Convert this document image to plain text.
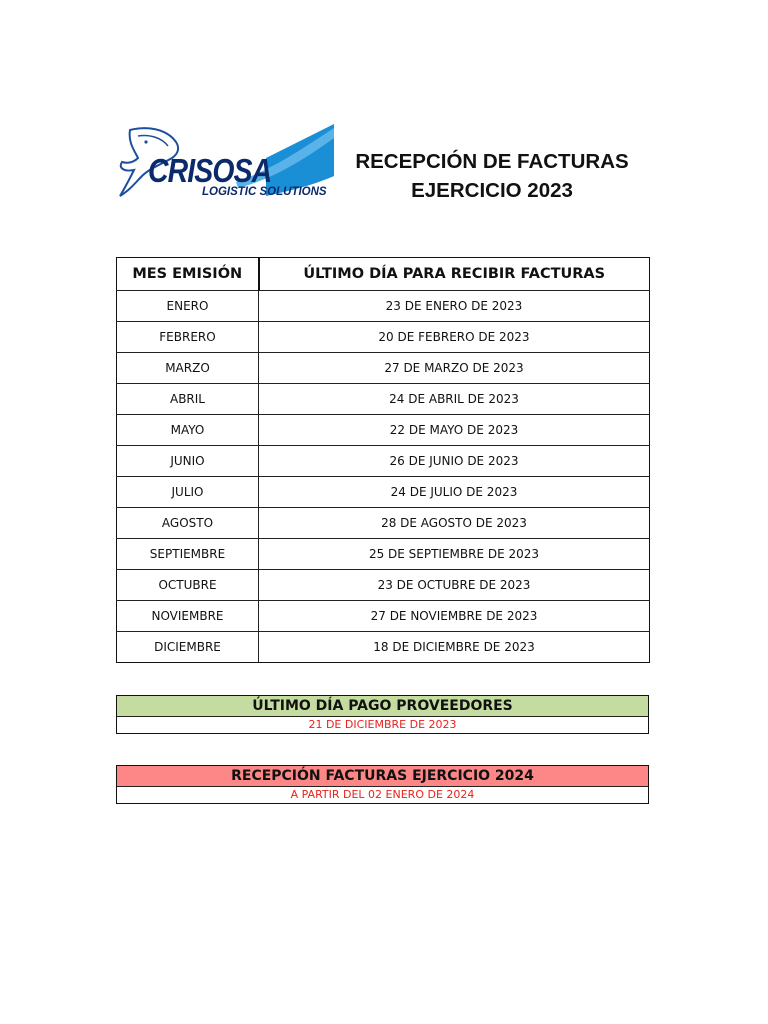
CRISOSA
LOGISTIC SOLUTIONS
RECEPCIÓN DE FACTURAS
EJERCICIO 2023
MES EMISIÓN	ÚLTIMO DÍA PARA RECIBIR FACTURAS
ENERO	23 DE ENERO DE 2023
FEBRERO	20 DE FEBRERO DE 2023
MARZO	27 DE MARZO DE 2023
ABRIL	24 DE ABRIL DE 2023
MAYO	22 DE MAYO DE 2023
JUNIO	26 DE JUNIO DE 2023
JULIO	24 DE JULIO DE 2023
AGOSTO	28 DE AGOSTO DE 2023
SEPTIEMBRE	25 DE SEPTIEMBRE DE 2023
OCTUBRE	23 DE OCTUBRE DE 2023
NOVIEMBRE	27 DE NOVIEMBRE DE 2023
DICIEMBRE	18 DE DICIEMBRE DE 2023
ÚLTIMO DÍA PAGO PROVEEDORES
21 DE DICIEMBRE DE 2023
RECEPCIÓN FACTURAS EJERCICIO 2024
A PARTIR DEL 02 ENERO DE 2024
